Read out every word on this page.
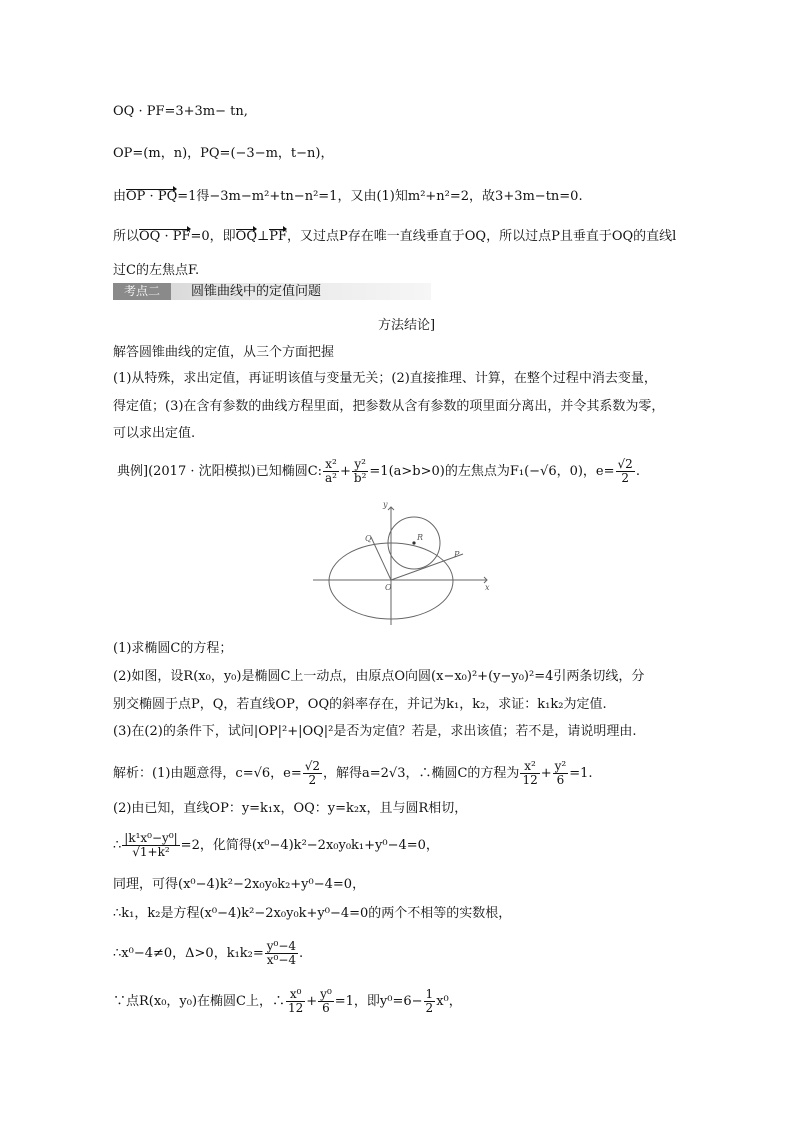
OQ · PF=3+3m− tn,
OP=(m，n)，PQ=(−3−m，t−n)，
由OP · PQ=1得−3m−m²+tn−n²=1，又由(1)知m²+n²=2，故3+3m−tn=0.
所以OQ · PF=0，即OQ⊥PF，又过点P存在唯一直线垂直于OQ，所以过点P且垂直于OQ的直线l
过C的左焦点F.
考点二	圆锥曲线中的定值问题
方法结论]
解答圆锥曲线的定值，从三个方面把握
(1)从特殊，求出定值，再证明该值与变量无关；(2)直接推理、计算，在整个过程中消去变量，
得定值；(3)在含有参数的曲线方程里面，把参数从含有参数的项里面分离出，并令其系数为零，
可以求出定值.
典例](2017 · 沈阳模拟)已知椭圆C: $\frac{\text{x²}}{\text{a²}} + \frac{\text{y²}}{\text{b²}} =1(a>b>0)$的左焦点为F₁(−√6，0)，$e= \frac{√2}{2}$ .
y
x
O
Q	R
P
(1)求椭圆C的方程；
(2)如图，设R(x₀，y₀)是椭圆C上一动点，由原点O向圆(x−x₀)²+(y−y₀)²=4引两条切线，分
别交椭圆于点P，Q，若直线OP，OQ的斜率存在，并记为k₁，k₂，求证：k₁k₂为定值.
(3)在(2)的条件下，试问|OP|²+|OQ|²是否为定值？若是，求出该值；若不是，请说明理由.
解析：(1)由题意得，c=√6，$e= \frac{√2}{2}$ ，解得a=2√3，∴椭圆C的方程为 $\frac{\text{x²}}{12} + \frac{\text{y²}}{6} =1$.
(2)由已知，直线OP：y=k₁x，OQ：y=k₂x，且与圆R相切，
∴ $\frac{\text{|k¹x⁰−y⁰|}}{\text{√1+k²}} =2$，化简得(x⁰−4)k²−2x₀y₀k₁+y⁰−4=0，
同理，可得(x⁰−4)k²−2x₀y₀k₂+y⁰−4=0，
∴k₁，k₂是方程(x⁰−4)k²−2x₀y₀k+y⁰−4=0的两个不相等的实数根，
∴x⁰−4≠0，Δ>0，$k_1k_2= \frac{\text{y⁰−4}}{\text{x⁰−4}}$ .
∵点R(x₀，y₀)在椭圆C上，∴ $\frac{\text{x⁰}}{12} + \frac{\text{y⁰}}{6} =1$，即$y^0=6- \frac{1}{2} x^0$，
